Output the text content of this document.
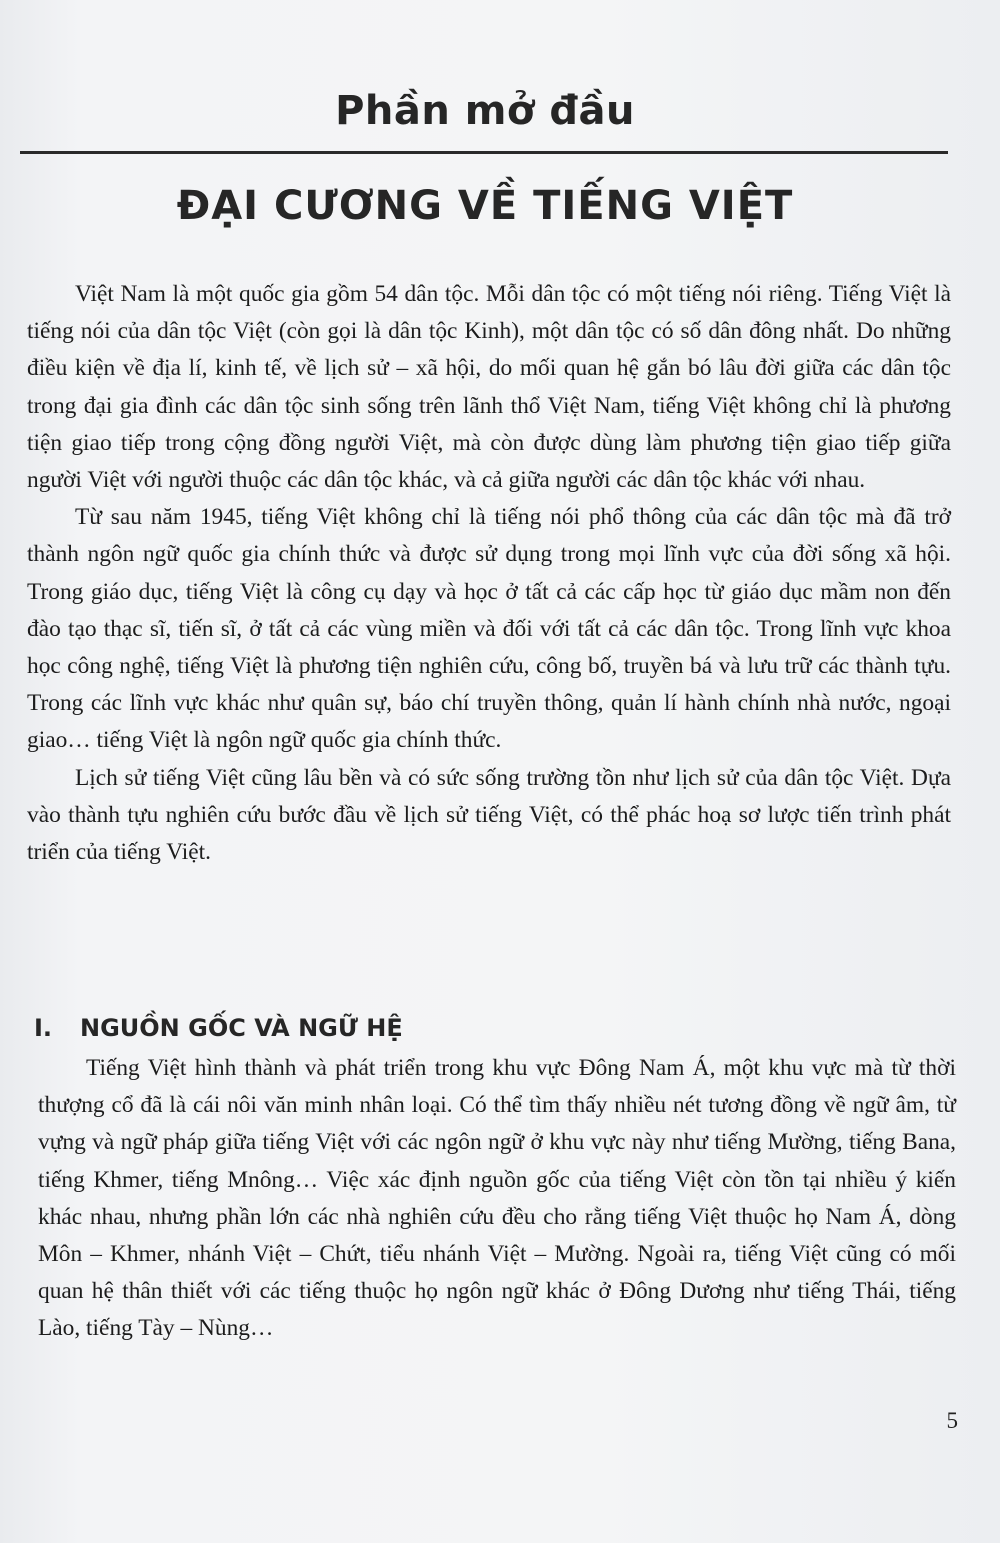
Phần mở đầu
ĐẠI CƯƠNG VỀ TIẾNG VIỆT

Việt Nam là một quốc gia gồm 54 dân tộc. Mỗi dân tộc có một tiếng nói riêng. Tiếng Việt là tiếng nói của dân tộc Việt (còn gọi là dân tộc Kinh), một dân tộc có số dân đông nhất. Do những điều kiện về địa lí, kinh tế, về lịch sử – xã hội, do mối quan hệ gắn bó lâu đời giữa các dân tộc trong đại gia đình các dân tộc sinh sống trên lãnh thổ Việt Nam, tiếng Việt không chỉ là phương tiện giao tiếp trong cộng đồng người Việt, mà còn được dùng làm phương tiện giao tiếp giữa người Việt với người thuộc các dân tộc khác, và cả giữa người các dân tộc khác với nhau.

Từ sau năm 1945, tiếng Việt không chỉ là tiếng nói phổ thông của các dân tộc mà đã trở thành ngôn ngữ quốc gia chính thức và được sử dụng trong mọi lĩnh vực của đời sống xã hội. Trong giáo dục, tiếng Việt là công cụ dạy và học ở tất cả các cấp học từ giáo dục mầm non đến đào tạo thạc sĩ, tiến sĩ, ở tất cả các vùng miền và đối với tất cả các dân tộc. Trong lĩnh vực khoa học công nghệ, tiếng Việt là phương tiện nghiên cứu, công bố, truyền bá và lưu trữ các thành tựu. Trong các lĩnh vực khác như quân sự, báo chí truyền thông, quản lí hành chính nhà nước, ngoại giao… tiếng Việt là ngôn ngữ quốc gia chính thức.

Lịch sử tiếng Việt cũng lâu bền và có sức sống trường tồn như lịch sử của dân tộc Việt. Dựa vào thành tựu nghiên cứu bước đầu về lịch sử tiếng Việt, có thể phác hoạ sơ lược tiến trình phát triển của tiếng Việt.

I. NGUỒN GỐC VÀ NGỮ HỆ

Tiếng Việt hình thành và phát triển trong khu vực Đông Nam Á, một khu vực mà từ thời thượng cổ đã là cái nôi văn minh nhân loại. Có thể tìm thấy nhiều nét tương đồng về ngữ âm, từ vựng và ngữ pháp giữa tiếng Việt với các ngôn ngữ ở khu vực này như tiếng Mường, tiếng Bana, tiếng Khmer, tiếng Mnông… Việc xác định nguồn gốc của tiếng Việt còn tồn tại nhiều ý kiến khác nhau, nhưng phần lớn các nhà nghiên cứu đều cho rằng tiếng Việt thuộc họ Nam Á, dòng Môn – Khmer, nhánh Việt – Chứt, tiểu nhánh Việt – Mường. Ngoài ra, tiếng Việt cũng có mối quan hệ thân thiết với các tiếng thuộc họ ngôn ngữ khác ở Đông Dương như tiếng Thái, tiếng Lào, tiếng Tày – Nùng…

5
